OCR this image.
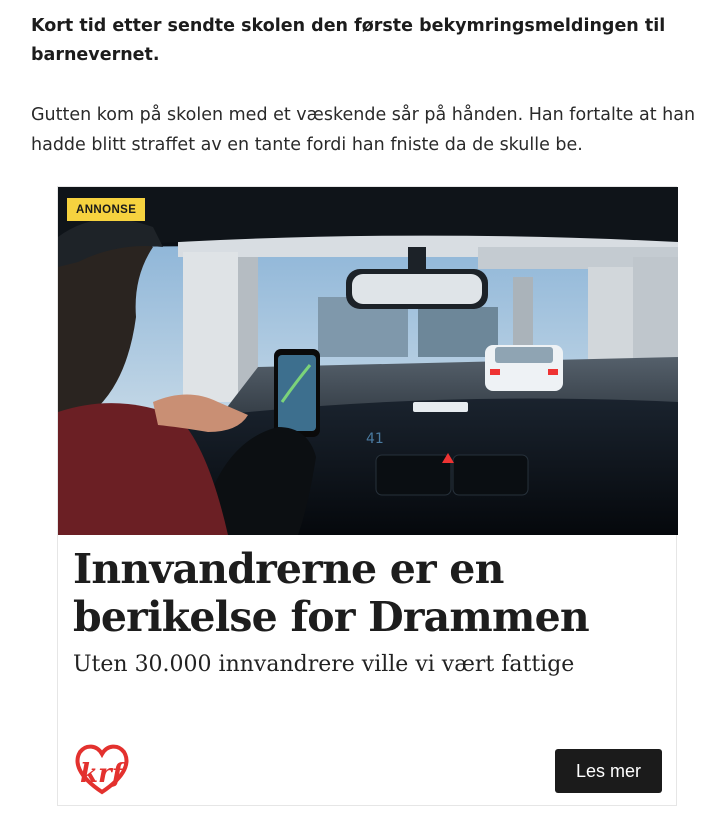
Kort tid etter sendte skolen den første bekymringsmeldingen til barnevernet.

Gutten kom på skolen med et væskende sår på hånden. Han fortalte at han hadde blitt straffet av en tante fordi han fniste da de skulle be.

41
ANNONSE
Innvandrerne er en berikelse for Drammen

Uten 30.000 innvandrere ville vi vært fattige

krf	Les mer
